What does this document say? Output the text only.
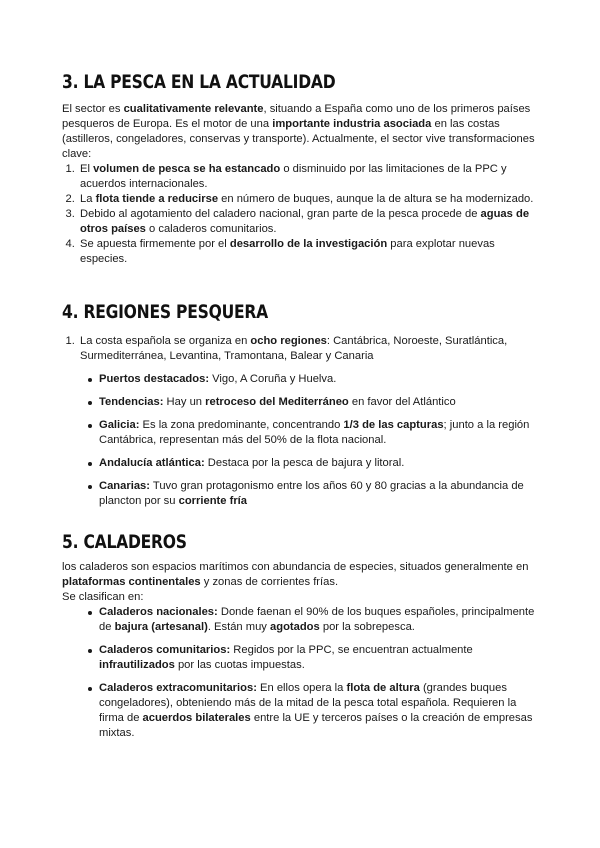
3. LA PESCA EN LA ACTUALIDAD

El sector es cualitativamente relevante, situando a España como uno de los primeros países pesqueros de Europa. Es el motor de una importante industria asociada en las costas (astilleros, congeladores, conservas y transporte). Actualmente, el sector vive transformaciones clave:

1. El volumen de pesca se ha estancado o disminuido por las limitaciones de la PPC y acuerdos internacionales.
2. La flota tiende a reducirse en número de buques, aunque la de altura se ha modernizado.
3. Debido al agotamiento del caladero nacional, gran parte de la pesca procede de aguas de otros países o caladeros comunitarios.
4. Se apuesta firmemente por el desarrollo de la investigación para explotar nuevas especies.
4. REGIONES PESQUERA
1. La costa española se organiza en ocho regiones: Cantábrica, Noroeste, Suratlántica, Surmediterránea, Levantina, Tramontana, Balear y Canaria
Puertos destacados: Vigo, A Coruña y Huelva.
Tendencias: Hay un retroceso del Mediterráneo en favor del Atlántico
Galicia: Es la zona predominante, concentrando 1/3 de las capturas; junto a la región Cantábrica, representan más del 50% de la flota nacional.
Andalucía atlántica: Destaca por la pesca de bajura y litoral.
Canarias: Tuvo gran protagonismo entre los años 60 y 80 gracias a la abundancia de plancton por su corriente fría
5. CALADEROS

los caladeros son espacios marítimos con abundancia de especies, situados generalmente en plataformas continentales y zonas de corrientes frías.

Se clasifican en:

Caladeros nacionales: Donde faenan el 90% de los buques españoles, principalmente de bajura (artesanal). Están muy agotados por la sobrepesca.
Caladeros comunitarios: Regidos por la PPC, se encuentran actualmente infrautilizados por las cuotas impuestas.
Caladeros extracomunitarios: En ellos opera la flota de altura (grandes buques congeladores), obteniendo más de la mitad de la pesca total española. Requieren la firma de acuerdos bilaterales entre la UE y terceros países o la creación de empresas mixtas.
